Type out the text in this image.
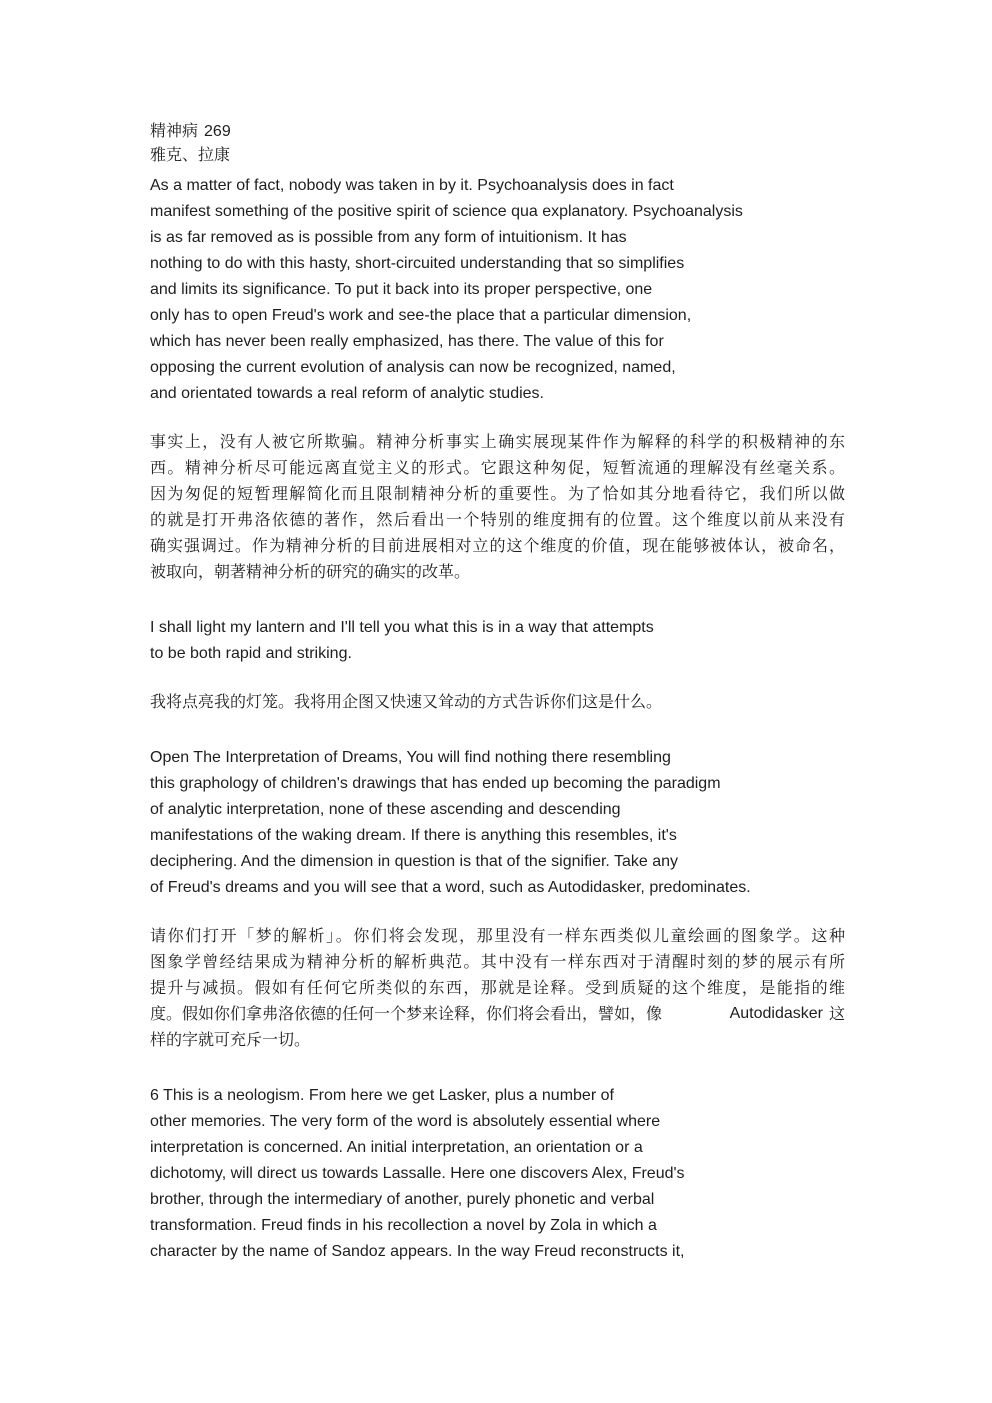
精神病 269
雅克、拉康
As a matter of fact, nobody was taken in by it. Psychoanalysis does in fact
manifest something of the positive spirit of science qua explanatory. Psychoanalysis
is as far removed as is possible from any form of intuitionism. It has
nothing to do with this hasty, short-circuited understanding that so simplifies
and limits its significance. To put it back into its proper perspective, one
only has to open Freud's work and see-the place that a particular dimension,
which has never been really emphasized, has there. The value of this for
opposing the current evolution of analysis can now be recognized, named,
and orientated towards a real reform of analytic studies.
事实上，没有人被它所欺骗。精神分析事实上确实展现某件作为解释的科学的积极精神的东
西。精神分析尽可能远离直觉主义的形式。它跟这种匆促，短暂流通的理解没有丝毫关系。
因为匆促的短暂理解简化而且限制精神分析的重要性。为了恰如其分地看待它，我们所以做
的就是打开弗洛依德的著作，然后看出一个特别的维度拥有的位置。这个维度以前从来没有
确实强调过。作为精神分析的目前进展相对立的这个维度的价值，现在能够被体认，被命名，
被取向，朝著精神分析的研究的确实的改革。
I shall light my lantern and I'll tell you what this is in a way that attempts
to be both rapid and striking.
我将点亮我的灯笼。我将用企图又快速又耸动的方式告诉你们这是什么。
Open The Interpretation of Dreams, You will find nothing there resembling
this graphology of children's drawings that has ended up becoming the paradigm
of analytic interpretation, none of these ascending and descending
manifestations of the waking dream. If there is anything this resembles, it's
deciphering. And the dimension in question is that of the signifier. Take any
of Freud's dreams and you will see that a word, such as Autodidasker, predominates.
请你们打开「梦的解析」。你们将会发现，那里没有一样东西类似儿童绘画的图象学。这种
图象学曾经结果成为精神分析的解析典范。其中没有一样东西对于清醒时刻的梦的展示有所
提升与减损。假如有任何它所类似的东西，那就是诠释。受到质疑的这个维度，是能指的维
度。假如你们拿弗洛依德的任何一个梦来诠释，你们将会看出，譬如，像	Autodidasker 这
样的字就可充斥一切。
6 This is a neologism. From here we get Lasker, plus a number of
other memories. The very form of the word is absolutely essential where
interpretation is concerned. An initial interpretation, an orientation or a
dichotomy, will direct us towards Lassalle. Here one discovers Alex, Freud's
brother, through the intermediary of another, purely phonetic and verbal
transformation. Freud finds in his recollection a novel by Zola in which a
character by the name of Sandoz appears. In the way Freud reconstructs it,
